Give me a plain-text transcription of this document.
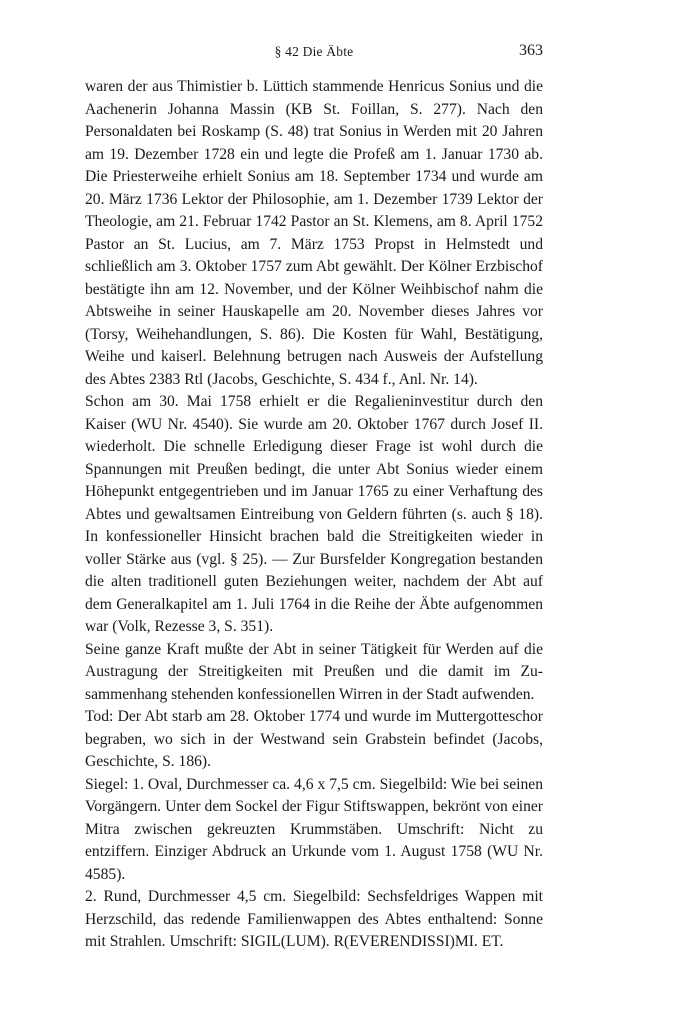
§ 42 Die Äbte	363

waren der aus Thimistier b. Lüttich stammende Henricus Sonius und die Aachenerin Johanna Massin (KB St. Foillan, S. 277). Nach den Personaldaten bei Roskamp (S. 48) trat Sonius in Werden mit 20 Jahren am 19. Dezember 1728 ein und legte die Profeß am 1. Januar 1730 ab. Die Priesterweihe erhielt Sonius am 18. September 1734 und wurde am 20. März 1736 Lektor der Philosophie, am 1. Dezember 1739 Lektor der Theologie, am 21. Februar 1742 Pastor an St. Klemens, am 8. April 1752 Pastor an St. Lucius, am 7. März 1753 Propst in Helmstedt und schließlich am 3. Oktober 1757 zum Abt gewählt. Der Kölner Erzbischof bestätigte ihn am 12. November, und der Kölner Weihbischof nahm die Abtsweihe in seiner Hauskapelle am 20. November dieses Jahres vor (Torsy, Weihehandlungen, S. 86). Die Kosten für Wahl, Bestätigung, Weihe und kaiserl. Belehnung betrugen nach Ausweis der Aufstellung des Abtes 2383 Rtl (Jacobs, Geschichte, S. 434 f., Anl. Nr. 14).

Schon am 30. Mai 1758 erhielt er die Regalieninvestitur durch den Kaiser (WU Nr. 4540). Sie wurde am 20. Oktober 1767 durch Josef II. wiederholt. Die schnelle Erledigung dieser Frage ist wohl durch die Spannungen mit Preußen bedingt, die unter Abt Sonius wieder einem Höhepunkt entgegentrieben und im Januar 1765 zu einer Verhaftung des Abtes und gewaltsamen Eintreibung von Geldern führten (s. auch § 18). In konfessioneller Hinsicht brachen bald die Streitigkeiten wieder in voller Stärke aus (vgl. § 25). — Zur Bursfelder Kongregation bestanden die alten traditionell guten Beziehungen weiter, nachdem der Abt auf dem Generalkapitel am 1. Juli 1764 in die Reihe der Äbte aufgenommen war (Volk, Rezesse 3, S. 351).

Seine ganze Kraft mußte der Abt in seiner Tätigkeit für Werden auf die Austragung der Streitigkeiten mit Preußen und die damit im Zusammenhang stehenden konfessionellen Wirren in der Stadt aufwenden.

Tod: Der Abt starb am 28. Oktober 1774 und wurde im Muttergotteschor begraben, wo sich in der Westwand sein Grabstein befindet (Jacobs, Geschichte, S. 186).

Siegel: 1. Oval, Durchmesser ca. 4,6 x 7,5 cm. Siegelbild: Wie bei seinen Vorgängern. Unter dem Sockel der Figur Stiftswappen, bekrönt von einer Mitra zwischen gekreuzten Krummstäben. Umschrift: Nicht zu entziffern. Einziger Abdruck an Urkunde vom 1. August 1758 (WU Nr. 4585).

2. Rund, Durchmesser 4,5 cm. Siegelbild: Sechsfeldriges Wappen mit Herzschild, das redende Familienwappen des Abtes enthaltend: Sonne mit Strahlen. Umschrift: SIGIL(LUM). R(EVERENDISSI)MI. ET.
